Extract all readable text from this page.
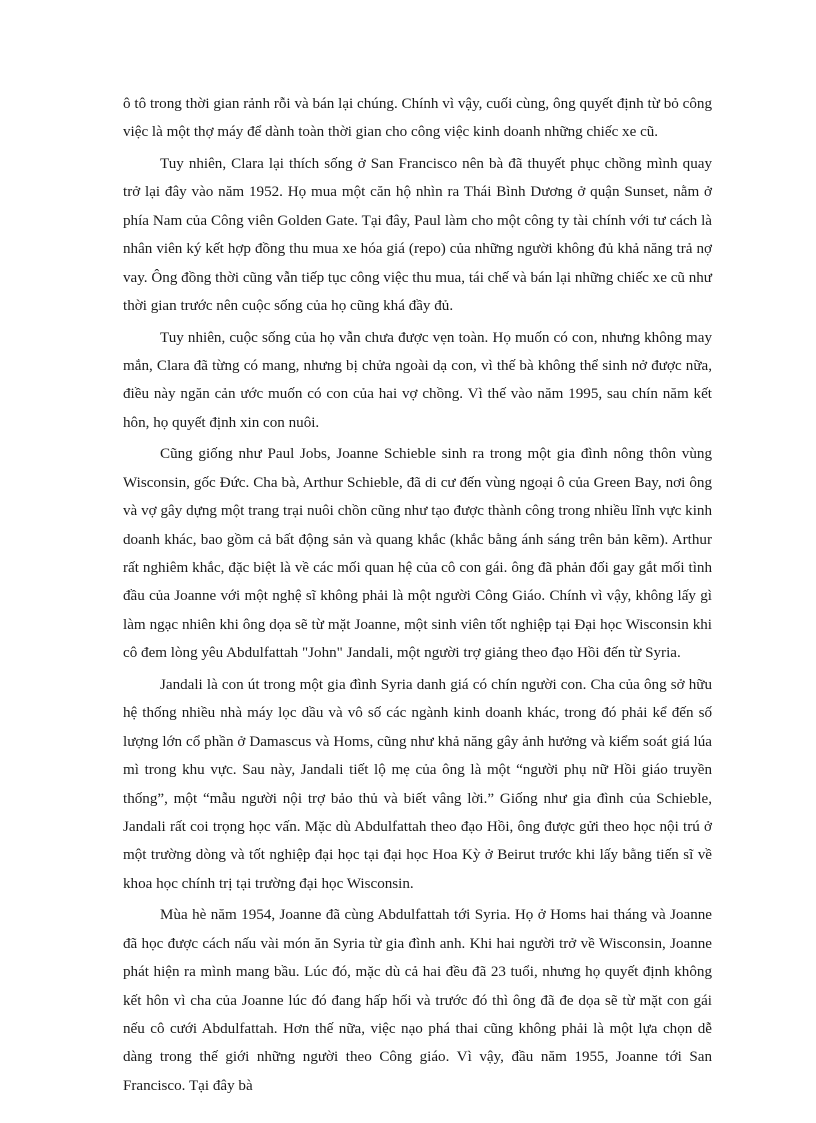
ô tô trong thời gian rảnh rỗi và bán lại chúng. Chính vì vậy, cuối cùng, ông quyết định từ bỏ công việc là một thợ máy để dành toàn thời gian cho công việc kinh doanh những chiếc xe cũ.

Tuy nhiên, Clara lại thích sống ở San Francisco nên bà đã thuyết phục chồng mình quay trở lại đây vào năm 1952. Họ mua một căn hộ nhìn ra Thái Bình Dương ở quận Sunset, nằm ở phía Nam của Công viên Golden Gate. Tại đây, Paul làm cho một công ty tài chính với tư cách là nhân viên ký kết hợp đồng thu mua xe hóa giá (repo) của những người không đủ khả năng trả nợ vay. Ông đồng thời cũng vẫn tiếp tục công việc thu mua, tái chế và bán lại những chiếc xe cũ như thời gian trước nên cuộc sống của họ cũng khá đầy đủ.

Tuy nhiên, cuộc sống của họ vẫn chưa được vẹn toàn. Họ muốn có con, nhưng không may mắn, Clara đã từng có mang, nhưng bị chửa ngoài dạ con, vì thế bà không thể sinh nở được nữa, điều này ngăn cản ước muốn có con của hai vợ chồng. Vì thế vào năm 1995, sau chín năm kết hôn, họ quyết định xin con nuôi.

Cũng giống như Paul Jobs, Joanne Schieble sinh ra trong một gia đình nông thôn vùng Wisconsin, gốc Đức. Cha bà, Arthur Schieble, đã di cư đến vùng ngoại ô của Green Bay, nơi ông và vợ gây dựng một trang trại nuôi chồn cũng như tạo được thành công trong nhiều lĩnh vực kinh doanh khác, bao gồm cả bất động sản và quang khắc (khắc bằng ánh sáng trên bản kẽm). Arthur rất nghiêm khắc, đặc biệt là về các mối quan hệ của cô con gái. ông đã phản đối gay gắt mối tình đầu của Joanne với một nghệ sĩ không phải là một người Công Giáo. Chính vì vậy, không lấy gì làm ngạc nhiên khi ông dọa sẽ từ mặt Joanne, một sinh viên tốt nghiệp tại Đại học Wisconsin khi cô đem lòng yêu Abdulfattah "John" Jandali, một người trợ giảng theo đạo Hồi đến từ Syria.

Jandali là con út trong một gia đình Syria danh giá có chín người con. Cha của ông sở hữu hệ thống nhiều nhà máy lọc dầu và vô số các ngành kinh doanh khác, trong đó phải kể đến số lượng lớn cổ phần ở Damascus và Homs, cũng như khả năng gây ảnh hưởng và kiểm soát giá lúa mì trong khu vực. Sau này, Jandali tiết lộ mẹ của ông là một “người phụ nữ Hồi giáo truyền thống”, một “mẫu người nội trợ bảo thủ và biết vâng lời.” Giống như gia đình của Schieble, Jandali rất coi trọng học vấn. Mặc dù Abdulfattah theo đạo Hồi, ông được gửi theo học nội trú ở một trường dòng và tốt nghiệp đại học tại đại học Hoa Kỳ ở Beirut trước khi lấy bằng tiến sĩ về khoa học chính trị tại trường đại học Wisconsin.

Mùa hè năm 1954, Joanne đã cùng Abdulfattah tới Syria. Họ ở Homs hai tháng và Joanne đã học được cách nấu vài món ăn Syria từ gia đình anh. Khi hai người trở về Wisconsin, Joanne phát hiện ra mình mang bầu. Lúc đó, mặc dù cả hai đều đã 23 tuổi, nhưng họ quyết định không kết hôn vì cha của Joanne lúc đó đang hấp hối và trước đó thì ông đã đe dọa sẽ từ mặt con gái nếu cô cưới Abdulfattah. Hơn thế nữa, việc nạo phá thai cũng không phải là một lựa chọn dễ dàng trong thế giới những người theo Công giáo. Vì vậy, đầu năm 1955, Joanne tới San Francisco. Tại đây bà
